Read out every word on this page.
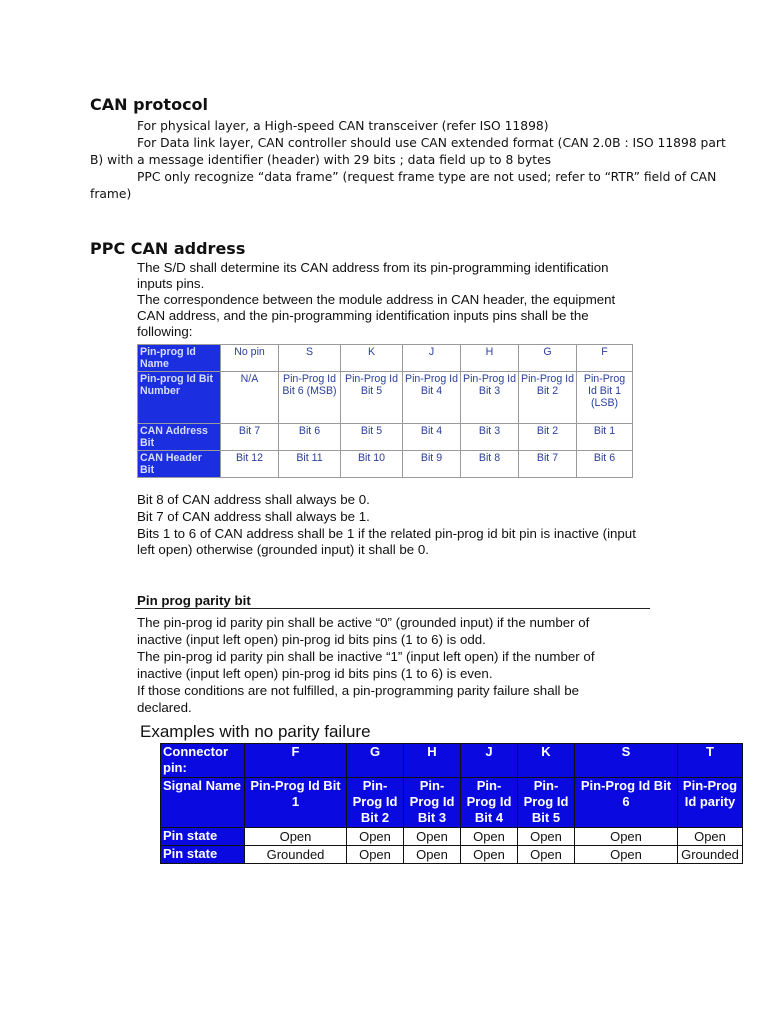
CAN protocol
For physical layer, a High-speed CAN transceiver (refer ISO 11898)
For Data link layer, CAN controller should use CAN extended format (CAN 2.0B : ISO 11898 part
B) with a message identifier (header) with 29 bits ; data field up to 8 bytes
PPC only recognize “data frame” (request frame type are not used; refer to “RTR” field of CAN
frame)
PPC CAN address
The S/D shall determine its CAN address from its pin-programming identification
inputs pins.
The correspondence between the module address in CAN header, the equipment
CAN address, and the pin-programming identification inputs pins shall be the
following:
Pin-prog Id Name	No pin	S	K	J	H	G	F
Pin-prog Id Bit Number	N/A	Pin-Prog Id Bit 6 (MSB)	Pin-Prog Id Bit 5	Pin-Prog Id Bit 4	Pin-Prog Id Bit 3	Pin-Prog Id Bit 2	Pin-Prog Id Bit 1 (LSB)
CAN Address Bit	Bit 7	Bit 6	Bit 5	Bit 4	Bit 3	Bit 2	Bit 1
CAN Header Bit	Bit 12	Bit 11	Bit 10	Bit 9	Bit 8	Bit 7	Bit 6
Bit 8 of CAN address shall always be 0.
Bit 7 of CAN address shall always be 1.
Bits 1 to 6 of CAN address shall be 1 if the related pin-prog id bit pin is inactive (input
left open) otherwise (grounded input) it shall be 0.
Pin prog parity bit
The pin-prog id parity pin shall be active “0” (grounded input) if the number of
inactive (input left open) pin-prog id bits pins (1 to 6) is odd.
The pin-prog id parity pin shall be inactive “1” (input left open) if the number of
inactive (input left open) pin-prog id bits pins (1 to 6) is even.
If those conditions are not fulfilled, a pin-programming parity failure shall be
declared.
Examples with no parity failure
Connector pin:	F	G	H	J	K	S	T
Signal Name	Pin-Prog Id Bit 1	Pin-Prog Id Bit 2	Pin-Prog Id Bit 3	Pin-Prog Id Bit 4	Pin-Prog Id Bit 5	Pin-Prog Id Bit 6	Pin-Prog Id parity
Pin state	Open	Open	Open	Open	Open	Open	Open
Pin state	Grounded	Open	Open	Open	Open	Open	Grounded
